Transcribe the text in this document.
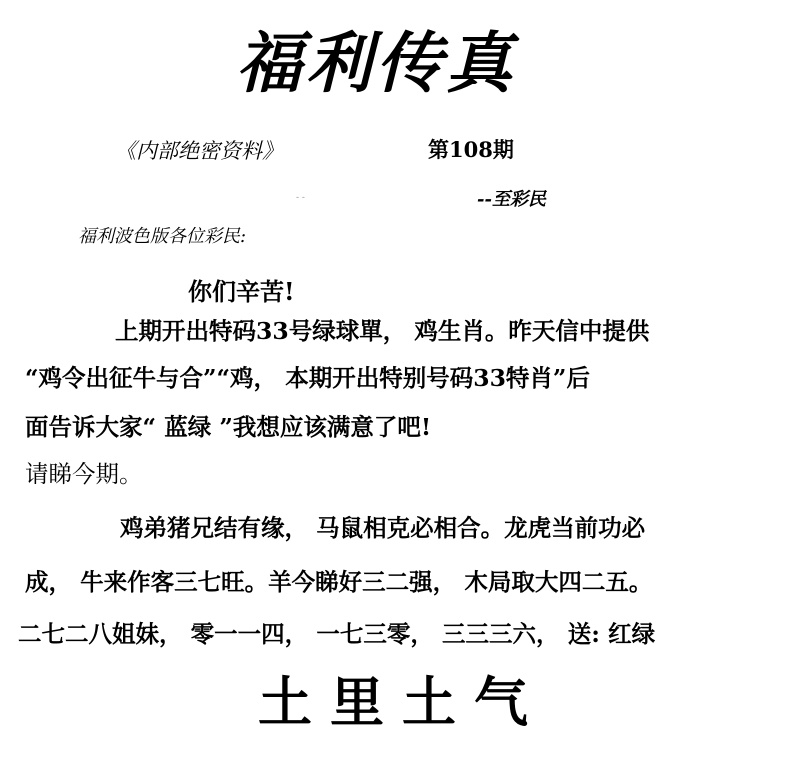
福利传真
《内部绝密资料》	第108期
- -	--至彩民
福利波色版各位彩民:
你们辛苦!
上期开出特码33号绿球單， 鸡生肖。昨天信中提供
“鸡令出征牛与合”“鸡， 本期开出特别号码33特肖”后
面告诉大家“ 蓝绿 ”我想应该满意了吧!
请睇今期。
鸡弟猪兄结有缘， 马鼠相克必相合。龙虎当前功必
成， 牛来作客三七旺。羊今睇好三二强， 木局取大四二五。
二七二八姐妹， 零一一四， 一七三零， 三三三六， 送: 红绿
土里土气
